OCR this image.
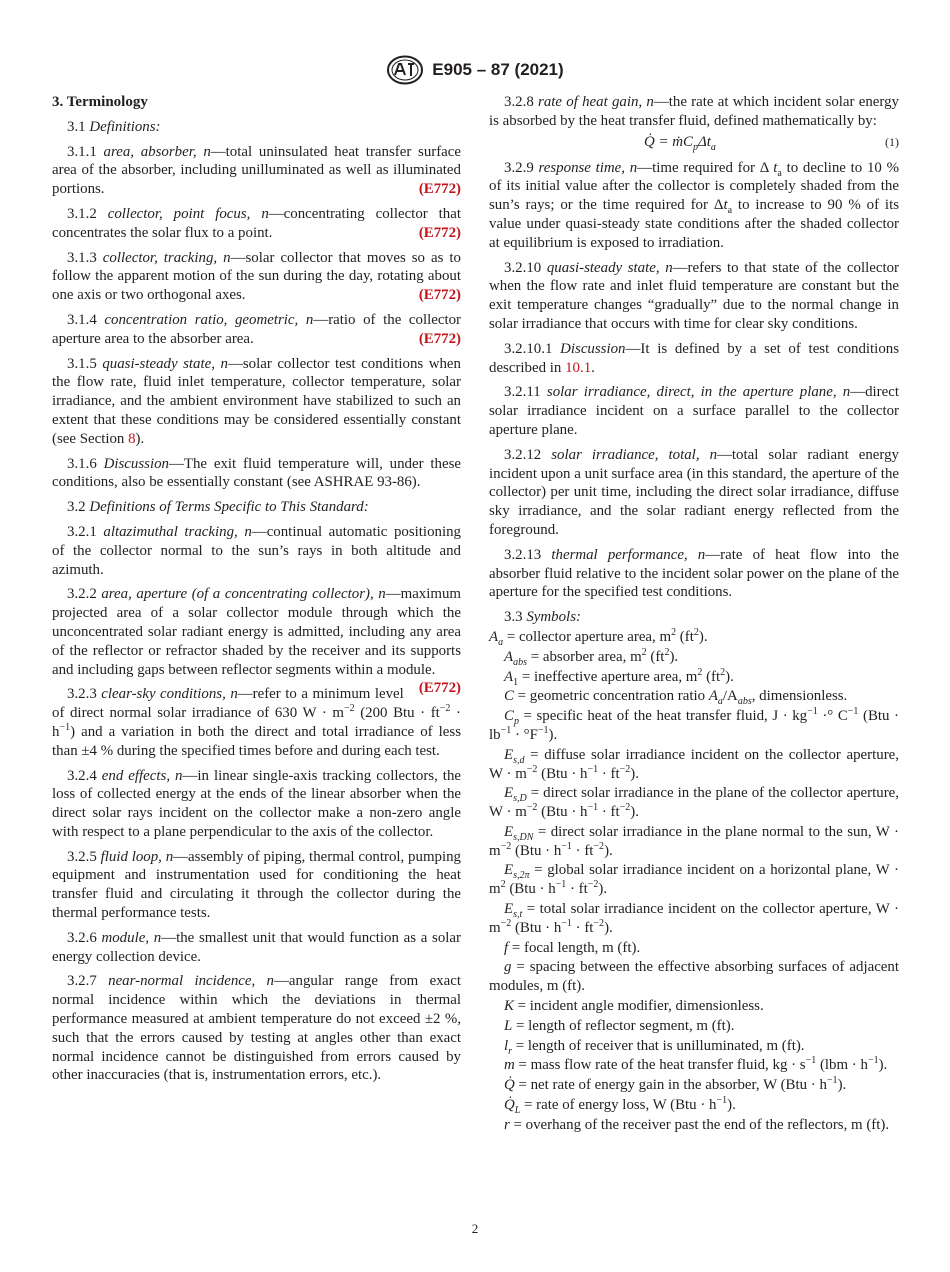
E905 – 87 (2021)
3. Terminology

3.1 Definitions:

3.1.1 area, absorber, n—total uninsulated heat transfer surface area of the absorber, including unilluminated as well as illuminated portions.	(E772)

3.1.2 collector, point focus, n—concentrating collector that concentrates the solar flux to a point.	(E772)

3.1.3 collector, tracking, n—solar collector that moves so as to follow the apparent motion of the sun during the day, rotating about one axis or two orthogonal axes.	(E772)

3.1.4 concentration ratio, geometric, n—ratio of the collector aperture area to the absorber area.	(E772)

3.1.5 quasi-steady state, n—solar collector test conditions when the flow rate, fluid inlet temperature, collector temperature, solar irradiance, and the ambient environment have stabilized to such an extent that these conditions may be considered essentially constant (see Section 8).

3.1.6 Discussion—The exit fluid temperature will, under these conditions, also be essentially constant (see ASHRAE 93-86).

3.2 Definitions of Terms Specific to This Standard:

3.2.1 altazimuthal tracking, n—continual automatic positioning of the collector normal to the sun’s rays in both altitude and azimuth.

3.2.2 area, aperture (of a concentrating collector), n—maximum projected area of a solar collector module through which the unconcentrated solar radiant energy is admitted, including any area of the reflector or refractor shaded by the receiver and its supports and including gaps between reflector segments within a module.
(E772)

3.2.3 clear-sky conditions, n—refer to a minimum level of direct normal solar irradiance of 630 $W \cdot m^{-2}$ (200 Btu · $ft^{-2} \cdot h^{-1}$) and a variation in both the direct and total irradiance of less than ±4 % during the specified times before and during each test.

3.2.4 end effects, n—in linear single-axis tracking collectors, the loss of collected energy at the ends of the linear absorber when the direct solar rays incident on the collector make a non-zero angle with respect to a plane perpendicular to the axis of the collector.

3.2.5 fluid loop, n—assembly of piping, thermal control, pumping equipment and instrumentation used for conditioning the heat transfer fluid and circulating it through the collector during the thermal performance tests.

3.2.6 module, n—the smallest unit that would function as a solar energy collection device.

3.2.7 near-normal incidence, n—angular range from exact normal incidence within which the deviations in thermal performance measured at ambient temperature do not exceed ±2 %, such that the errors caused by testing at angles other than exact normal incidence cannot be distinguished from errors caused by other inaccuracies (that is, instrumentation errors, etc.).

3.2.8 rate of heat gain, n—the rate at which incident solar energy is absorbed by the heat transfer fluid, defined mathematically by:

Q̇ = $ṁC_p\Delta t_a$	(1)

3.2.9 response time, n—time required for Δ $t_a$ to decline to 10 % of its initial value after the collector is completely shaded from the sun’s rays; or the time required for $\Delta t_a$ to increase to 90 % of its value under quasi-steady state conditions after the shaded collector at equilibrium is exposed to irradiation.

3.2.10 quasi-steady state, n—refers to that state of the collector when the flow rate and inlet fluid temperature are constant but the exit temperature changes “gradually” due to the normal change in solar irradiance that occurs with time for clear sky conditions.

3.2.10.1 Discussion—It is defined by a set of test conditions described in 10.1.

3.2.11 solar irradiance, direct, in the aperture plane, n—direct solar irradiance incident on a surface parallel to the collector aperture plane.

3.2.12 solar irradiance, total, n—total solar radiant energy incident upon a unit surface area (in this standard, the aperture of the collector) per unit time, including the direct solar irradiance, diffuse sky irradiance, and the solar radiant energy reflected from the foreground.

3.2.13 thermal performance, n—rate of heat flow into the absorber fluid relative to the incident solar power on the plane of the aperture for the specified test conditions.

3.3 Symbols:

$A_a$ = collector aperture area, $m^2$ $(ft^2)$.

$A_{abs}$ = absorber area, $m^2$ $(ft^2)$.

$A_1$ = ineffective aperture area, $m^2$ $(ft^2)$.

C = geometric concentration ratio $A_a/A_{abs}$, dimensionless.

$C_p$ = specific heat of the heat transfer fluid, $J \cdot kg^{-1}$ ·° $C^{-1}$ $(Btu \cdot lb^{-1} \cdot ^\circ F^{-1})$.

$E_{s,d}$ = diffuse solar irradiance incident on the collector aperture, $W \cdot m^{-2}$ $(Btu \cdot h^{-1} \cdot ft^{-2})$.

$E_{s,D}$ = direct solar irradiance in the plane of the collector aperture, $W \cdot m^{-2}$ $(Btu \cdot h^{-1} \cdot ft^{-2})$.

$E_{s,DN}$ = direct solar irradiance in the plane normal to the sun, $W \cdot m^{-2}$ $(Btu \cdot h^{-1} \cdot ft^{-2})$.

$E_{s,2\pi}$ = global solar irradiance incident on a horizontal plane, $W \cdot m^2$ $(Btu \cdot h^{-1} \cdot ft^{-2})$.

$E_{s,t}$ = total solar irradiance incident on the collector aperture, $W \cdot m^{-2}$ $(Btu \cdot h^{-1} \cdot ft^{-2})$.

f = focal length, m (ft).

g = spacing between the effective absorbing surfaces of adjacent modules, m (ft).

K = incident angle modifier, dimensionless.

L = length of reflector segment, m (ft).

$l_r$ = length of receiver that is unilluminated, m (ft).

m = mass flow rate of the heat transfer fluid, kg · $s^{-1}$ $(lbm \cdot h^{-1})$.

Q̇ = net rate of energy gain in the absorber, W $(Btu \cdot h^{-1})$.

$Q̇_L$ = rate of energy loss, W $(Btu \cdot h^{-1})$.

r = overhang of the receiver past the end of the reflectors, m (ft).

2
